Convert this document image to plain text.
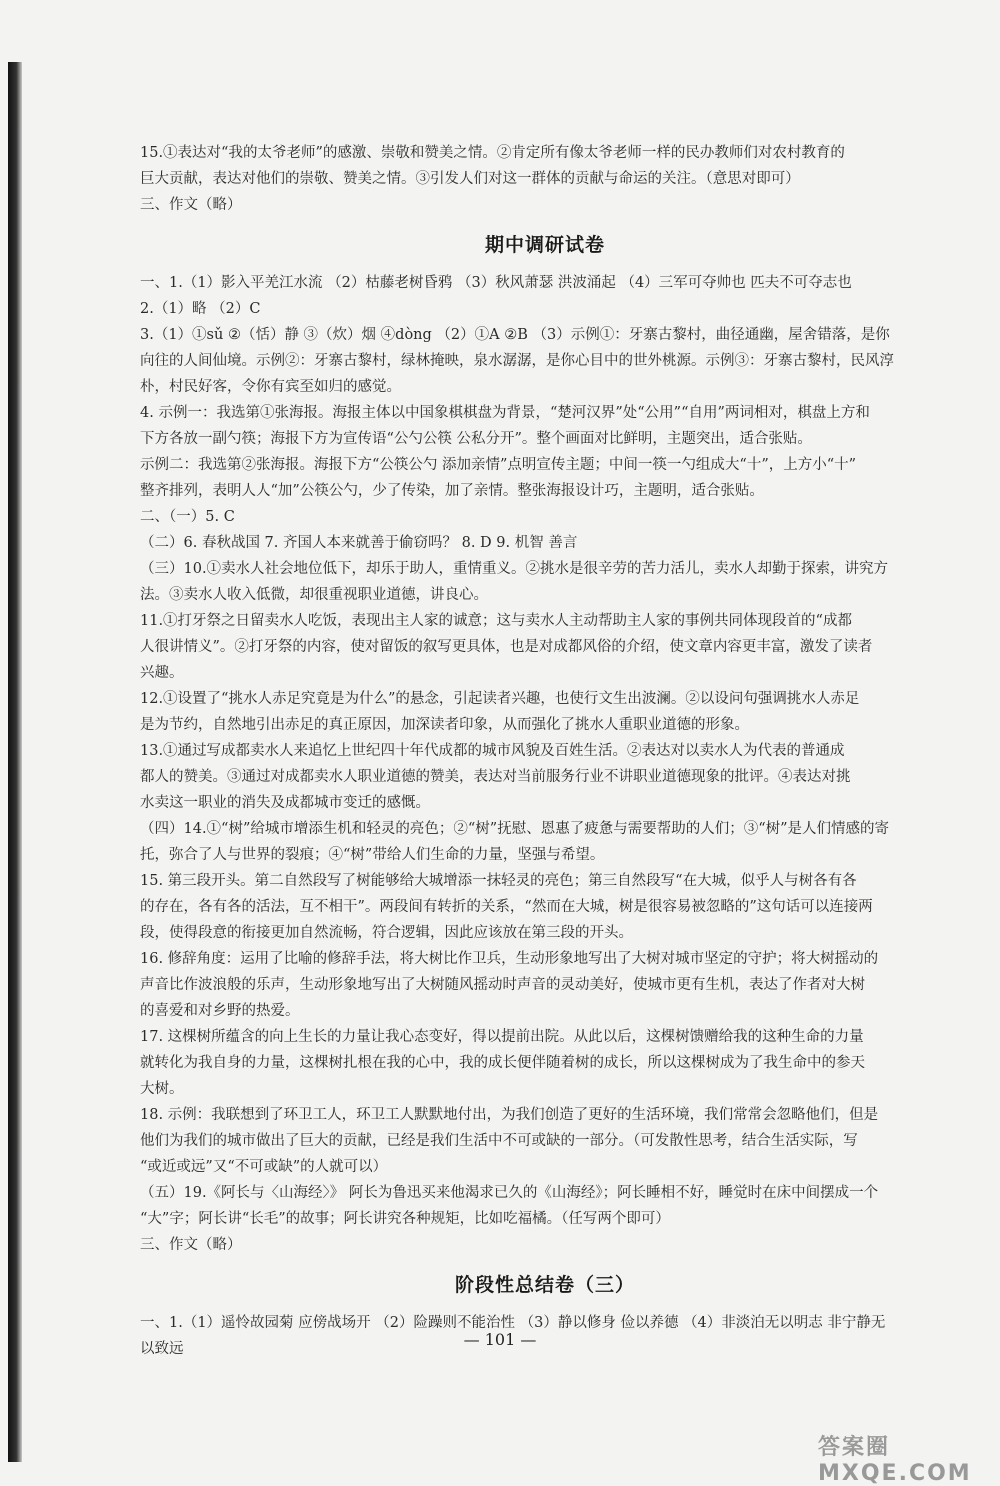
15.①表达对“我的太爷老师”的感激、崇敬和赞美之情。②肯定所有像太爷老师一样的民办教师们对农村教育的
巨大贡献，表达对他们的崇敬、赞美之情。③引发人们对这一群体的贡献与命运的关注。（意思对即可）
三、作文（略）
期中调研试卷
一、1.（1）影入平羌江水流 （2）枯藤老树昏鸦 （3）秋风萧瑟 洪波涌起 （4）三军可夺帅也 匹夫不可夺志也
2.（1）略 （2）C
3.（1）①sǔ ②（恬）静 ③（炊）烟 ④dòng （2）①A ②B （3）示例①：牙寨古黎村，曲径通幽，屋舍错落，是你
向往的人间仙境。示例②：牙寨古黎村，绿林掩映，泉水潺潺，是你心目中的世外桃源。示例③：牙寨古黎村，民风淳
朴，村民好客，令你有宾至如归的感觉。
4. 示例一：我选第①张海报。海报主体以中国象棋棋盘为背景，“楚河汉界”处“公用”“自用”两词相对，棋盘上方和
下方各放一副勺筷；海报下方为宣传语“公勺公筷 公私分开”。整个画面对比鲜明，主题突出，适合张贴。
示例二：我选第②张海报。海报下方“公筷公勺 添加亲情”点明宣传主题；中间一筷一勺组成大“十”，上方小“十”
整齐排列，表明人人“加”公筷公勺，少了传染，加了亲情。整张海报设计巧，主题明，适合张贴。
二、（一）5. C
（二）6. 春秋战国 7. 齐国人本来就善于偷窃吗？ 8. D 9. 机智 善言
（三）10.①卖水人社会地位低下，却乐于助人，重情重义。②挑水是很辛劳的苦力活儿，卖水人却勤于探索，讲究方
法。③卖水人收入低微，却很重视职业道德，讲良心。
11.①打牙祭之日留卖水人吃饭，表现出主人家的诚意；这与卖水人主动帮助主人家的事例共同体现段首的“成都
人很讲情义”。②打牙祭的内容，使对留饭的叙写更具体，也是对成都风俗的介绍，使文章内容更丰富，激发了读者
兴趣。
12.①设置了“挑水人赤足究竟是为什么”的悬念，引起读者兴趣，也使行文生出波澜。②以设问句强调挑水人赤足
是为节约，自然地引出赤足的真正原因，加深读者印象，从而强化了挑水人重职业道德的形象。
13.①通过写成都卖水人来追忆上世纪四十年代成都的城市风貌及百姓生活。②表达对以卖水人为代表的普通成
都人的赞美。③通过对成都卖水人职业道德的赞美，表达对当前服务行业不讲职业道德现象的批评。④表达对挑
水卖这一职业的消失及成都城市变迁的感慨。
（四）14.①“树”给城市增添生机和轻灵的亮色；②“树”抚慰、恩惠了疲惫与需要帮助的人们；③“树”是人们情感的寄
托，弥合了人与世界的裂痕；④“树”带给人们生命的力量，坚强与希望。
15. 第三段开头。第二自然段写了树能够给大城增添一抹轻灵的亮色；第三自然段写“在大城，似乎人与树各有各
的存在，各有各的活法，互不相干”。两段间有转折的关系，“然而在大城，树是很容易被忽略的”这句话可以连接两
段，使得段意的衔接更加自然流畅，符合逻辑，因此应该放在第三段的开头。
16. 修辞角度：运用了比喻的修辞手法，将大树比作卫兵，生动形象地写出了大树对城市坚定的守护；将大树摇动的
声音比作波浪般的乐声，生动形象地写出了大树随风摇动时声音的灵动美好，使城市更有生机，表达了作者对大树
的喜爱和对乡野的热爱。
17. 这棵树所蕴含的向上生长的力量让我心态变好，得以提前出院。从此以后，这棵树馈赠给我的这种生命的力量
就转化为我自身的力量，这棵树扎根在我的心中，我的成长便伴随着树的成长，所以这棵树成为了我生命中的参天
大树。
18. 示例：我联想到了环卫工人，环卫工人默默地付出，为我们创造了更好的生活环境，我们常常会忽略他们，但是
他们为我们的城市做出了巨大的贡献，已经是我们生活中不可或缺的一部分。（可发散性思考，结合生活实际，写
“或近或远”又“不可或缺”的人就可以）
（五）19.《阿长与〈山海经〉》 阿长为鲁迅买来他渴求已久的《山海经》；阿长睡相不好，睡觉时在床中间摆成一个
“大”字；阿长讲“长毛”的故事；阿长讲究各种规矩，比如吃福橘。（任写两个即可）
三、作文（略）
阶段性总结卷（三）
一、1.（1）遥怜故园菊 应傍战场开 （2）险躁则不能治性 （3）静以修身 俭以养德 （4）非淡泊无以明志 非宁静无
以致远	— 101 —
答案圈 MXQE.COM
